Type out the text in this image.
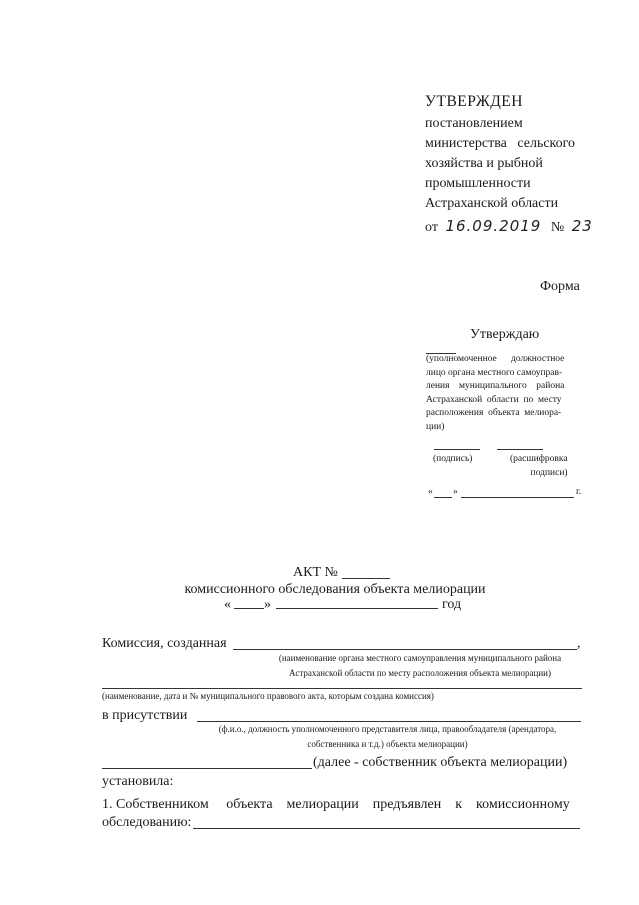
УТВЕРЖДЕН
постановлением
министерства   сельского
хозяйства и рыбной
промышленности
Астраханской области
от 16.09.2019 № 23
Форма
Утверждаю
(уполномоченное      должностное
лицо органа местного самоуправ-
ления    муниципального    района
Астраханской  области  по  месту
расположения  объекта  мелиора-
ции)
(подпись)	(расшифровка
подписи)
« »	г.
АКТ №
комиссионного обследования объекта мелиорации
« »	год
Комиссия, созданная	,
(наименование органа местного самоуправления муниципального района
Астраханской области по месту расположения объекта мелиорации)
(наименование, дата и № муниципального правового акта, которым создана комиссия)
в присутствии
(ф.и.о., должность уполномоченного представителя лица, правообладателя (арендатора,
собственника и т.д.) объекта мелиорации)
(далее - собственник объекта мелиорации)
установила:
1. Собственником     объекта    мелиорации    предъявлен    к    комиссионному
обследованию:
